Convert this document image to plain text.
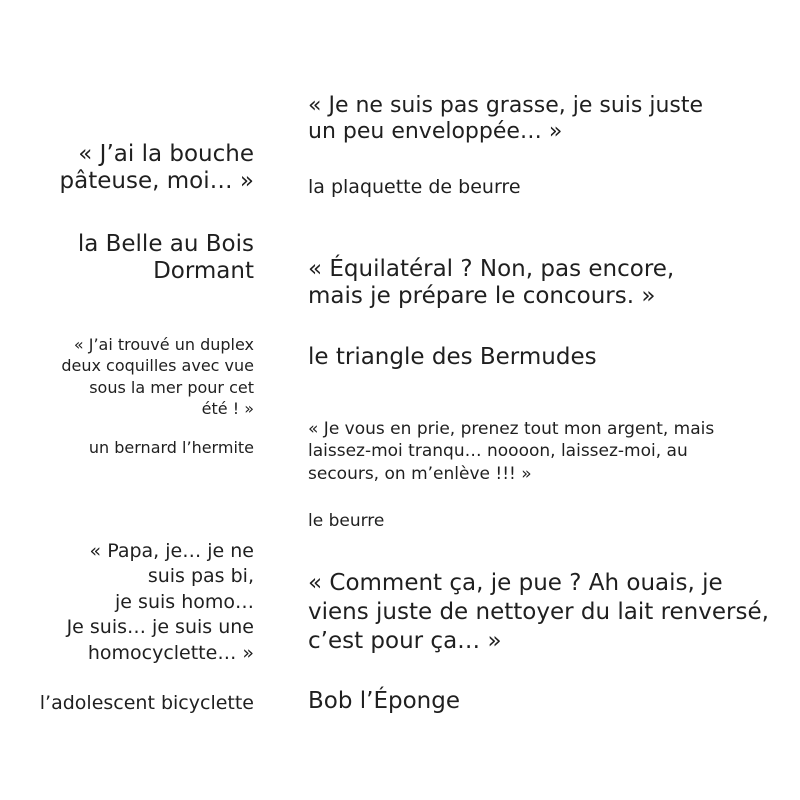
« J’ai la bouche
pâteuse, moi… »

la Belle au Bois
Dormant

« J’ai trouvé un duplex
deux coquilles avec vue
sous la mer pour cet
été ! »

un bernard l’hermite

« Papa, je… je ne
suis pas bi,
je suis homo…
Je suis… je suis une
homocyclette… »

l’adolescent bicyclette

« Je ne suis pas grasse, je suis juste
un peu enveloppée… »

la plaquette de beurre

« Équilatéral ? Non, pas encore,
mais je prépare le concours. »

le triangle des Bermudes

« Je vous en prie, prenez tout mon argent, mais
laissez-moi tranqu… noooon, laissez-moi, au
secours, on m’enlève !!! »

le beurre

« Comment ça, je pue ? Ah ouais, je
viens juste de nettoyer du lait renversé,
c’est pour ça… »

Bob l’Éponge
